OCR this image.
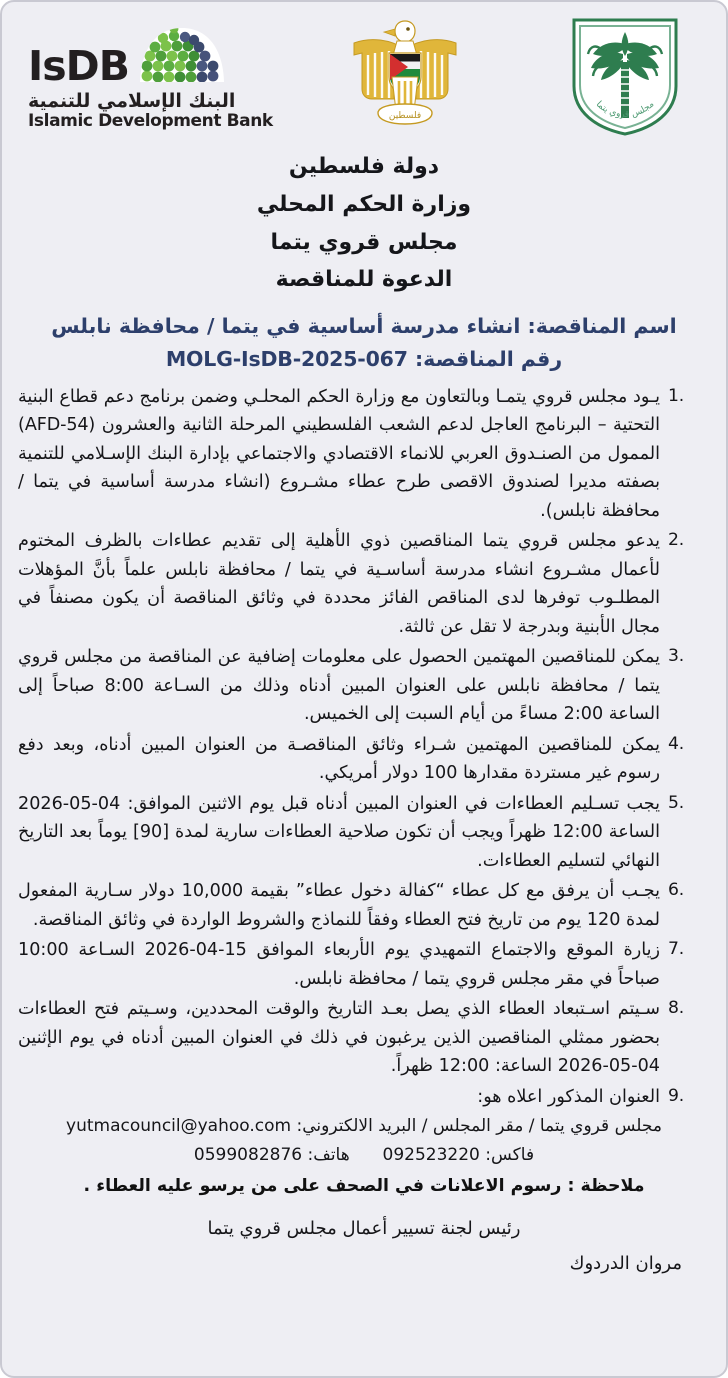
IsDB
البنك الإسلامي للتنمية
Islamic Development Bank	فلسطين
مجلس قروي يتما
دولة فلسطين
وزارة الحكم المحلي
مجلس قروي يتما
الدعوة للمناقصة
اسم المناقصة: انشاء مدرسة أساسية في يتما / محافظة نابلس
رقم المناقصة: MOLG-IsDB-2025-067
يـود مجلس قروي يتمـا وبالتعاون مع وزارة الحكم المحلـي وضمن برنامج دعم قطاع البنية التحتية – البرنامج العاجل لدعم الشعب الفلسطيني المرحلة الثانية والعشرون (AFD-54) الممول من الصنـدوق العربي للانماء الاقتصادي والاجتماعي بإدارة البنك الإسـلامي للتنمية بصفته مديرا لصندوق الاقصى طرح عطاء مشـروع (انشاء مدرسة أساسية في يتما / محافظة نابلس).
يدعو مجلس قروي يتما المناقصين ذوي الأهلية إلى تقديم عطاءات بالظرف المختوم لأعمال مشـروع انشاء مدرسة أساسـية في يتما / محافظة نابلس علماً بأنَّ المؤهلات المطلـوب توفرها لدى المناقص الفائز محددة في وثائق المناقصة أن يكون مصنفاً في مجال الأبنية وبدرجة لا تقل عن ثالثة.
يمكن للمناقصين المهتمين الحصول على معلومات إضافية عن المناقصة من مجلس قروي يتما / محافظة نابلس على العنوان المبين أدناه وذلك من السـاعة 8:00 صباحاً إلى الساعة 2:00 مساءً من أيام السبت إلى الخميس.
يمكن للمناقصين المهتمين شـراء وثائق المناقصـة من العنوان المبين أدناه، وبعد دفع رسوم غير مستردة مقدارها 100 دولار أمريكي.
يجب تسـليم العطاءات في العنوان المبين أدناه قبل يوم الاثنين الموافق: 04-05-2026 الساعة 12:00 ظهراً ويجب أن تكون صلاحية العطاءات سارية لمدة [90] يوماً بعد التاريخ النهائي لتسليم العطاءات.
يجـب أن يرفق مع كل عطاء “كفالة دخول عطاء” بقيمة 10,000 دولار سـارية المفعول لمدة 120 يوم من تاريخ فتح العطاء وفقاً للنماذج والشروط الواردة في وثائق المناقصة.
زيارة الموقع والاجتماع التمهيدي يوم الأربعاء الموافق 15-04-2026 السـاعة 10:00 صباحاً في مقر مجلس قروي يتما / محافظة نابلس.
سـيتم اسـتبعاد العطاء الذي يصل بعـد التاريخ والوقت المحددين، وسـيتم فتح العطاءات بحضور ممثلي المناقصين الذين يرغبون في ذلك في العنوان المبين أدناه في يوم الإثنين 04-05-2026 الساعة: 12:00 ظهراً.
العنوان المذكور اعلاه هو:
مجلس قروي يتما / مقر المجلس / البريد الالكتروني: yutmacouncil@yahoo.com
فاكس: 092523220  هاتف: 0599082876
ملاحظة : رسوم الاعلانات في الصحف على من يرسو عليه العطاء .
رئيس لجنة تسيير أعمال مجلس قروي يتما
مروان الدردوك
